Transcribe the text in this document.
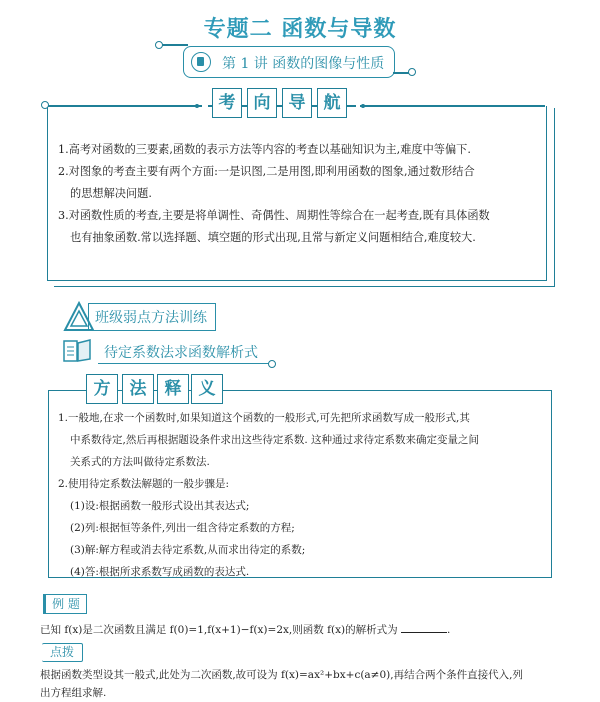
专题二 函数与导数
第 1 讲 函数的图像与性质
考	向	导	航

1.高考对函数的三要素,函数的表示方法等内容的考查以基础知识为主,难度中等偏下.

2.对图象的考查主要有两个方面:一是识图,二是用图,即利用函数的图象,通过数形结合

的思想解决问题.

3.对函数性质的考查,主要是将单调性、奇偶性、周期性等综合在一起考查,既有具体函数

也有抽象函数.常以选择题、填空题的形式出现,且常与新定义问题相结合,难度较大.

班级弱点方法训练
待定系数法求函数解析式
方	法	释	义

1.一般地,在求一个函数时,如果知道这个函数的一般形式,可先把所求函数写成一般形式,其

中系数待定,然后再根据题设条件求出这些待定系数. 这种通过求待定系数来确定变量之间

关系式的方法叫做待定系数法.

2.使用待定系数法解题的一般步骤是:

(1)设:根据函数一般形式设出其表达式;

(2)列:根据恒等条件,列出一组含待定系数的方程;

(3)解:解方程或消去待定系数,从而求出待定的系数;

(4)答:根据所求系数写成函数的表达式.

例 题
已知 f(x)是二次函数且满足 f(0)=1,f(x+1)−f(x)=2x,则函数 f(x)的解析式为	.
点拨
根据函数类型设其一般式,此处为二次函数,故可设为 f(x)=ax²+bx+c(a≠0),再结合两个条件直接代入,列
出方程组求解.
